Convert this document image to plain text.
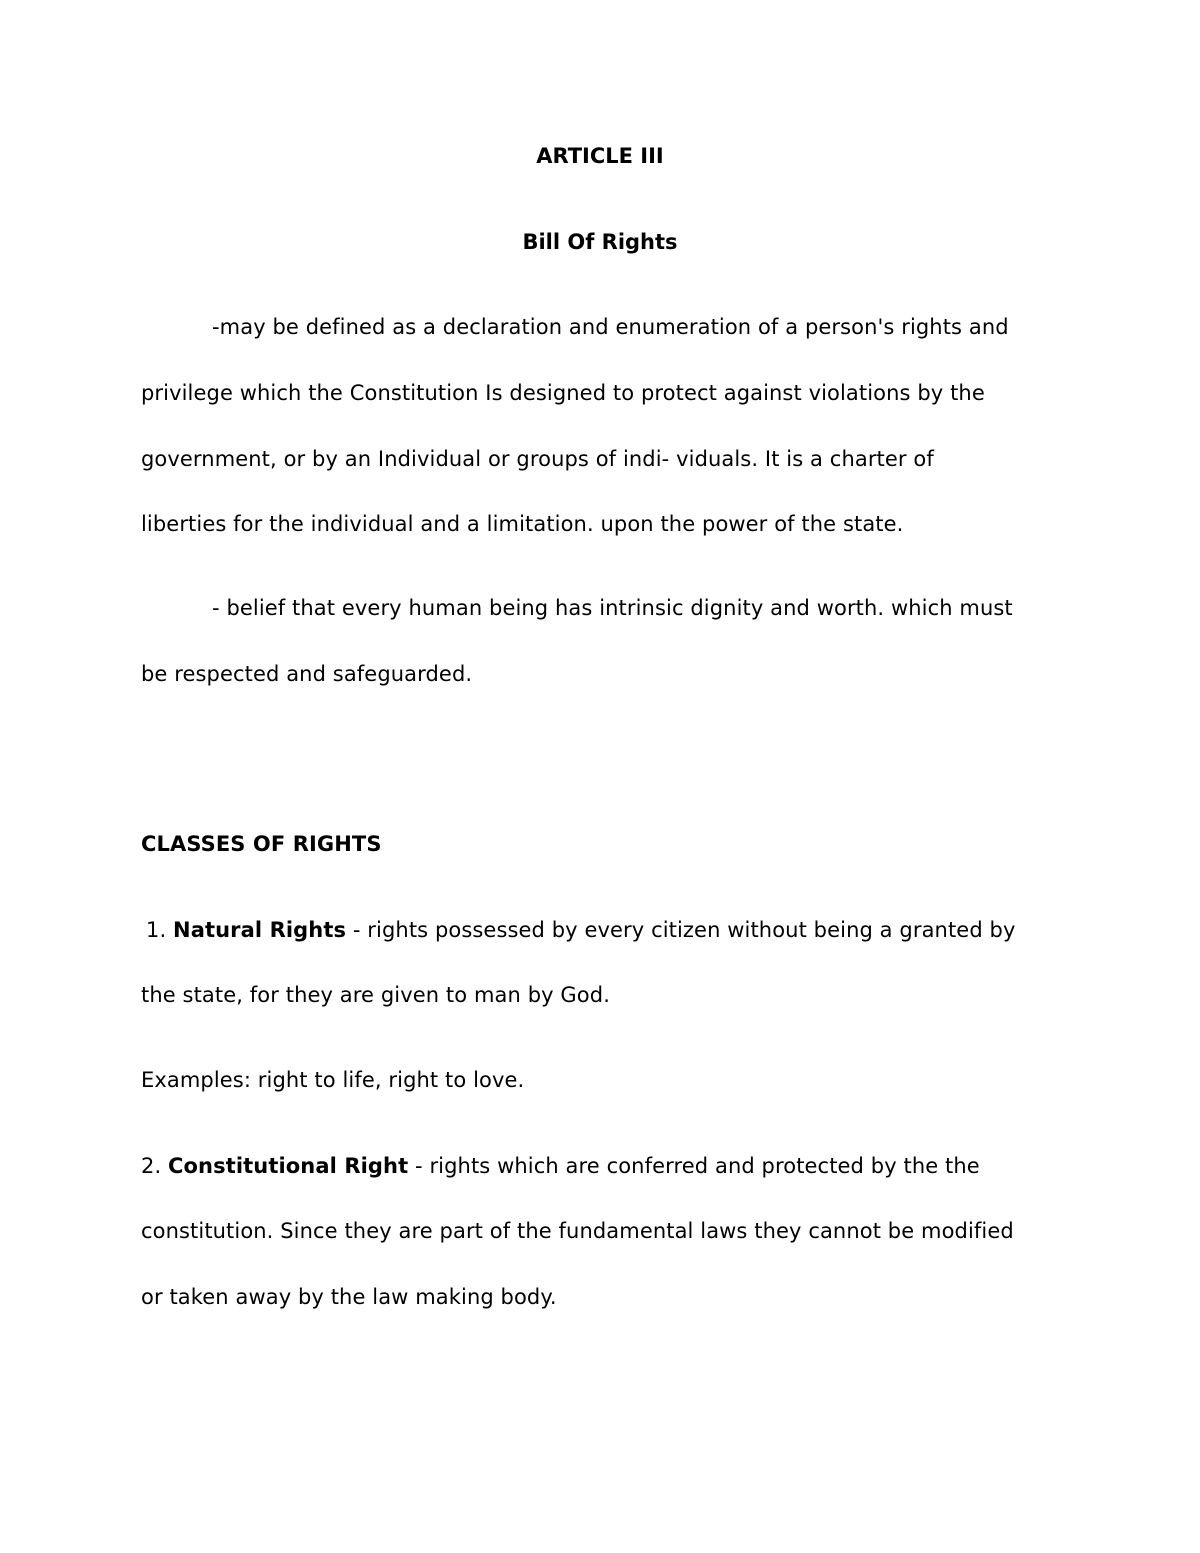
ARTICLE III
Bill Of Rights
-may be defined as a declaration and enumeration of a person's rights and
privilege which the Constitution Is designed to protect against violations by the
government, or by an Individual or groups of indi- viduals. It is a charter of
liberties for the individual and a limitation. upon the power of the state.
- belief that every human being has intrinsic dignity and worth. which must
be respected and safeguarded.
CLASSES OF RIGHTS
1. Natural Rights - rights possessed by every citizen without being a granted by
the state, for they are given to man by God.
Examples: right to life, right to love.
2. Constitutional Right - rights which are conferred and protected by the the
constitution. Since they are part of the fundamental laws they cannot be modified
or taken away by the law making body.
